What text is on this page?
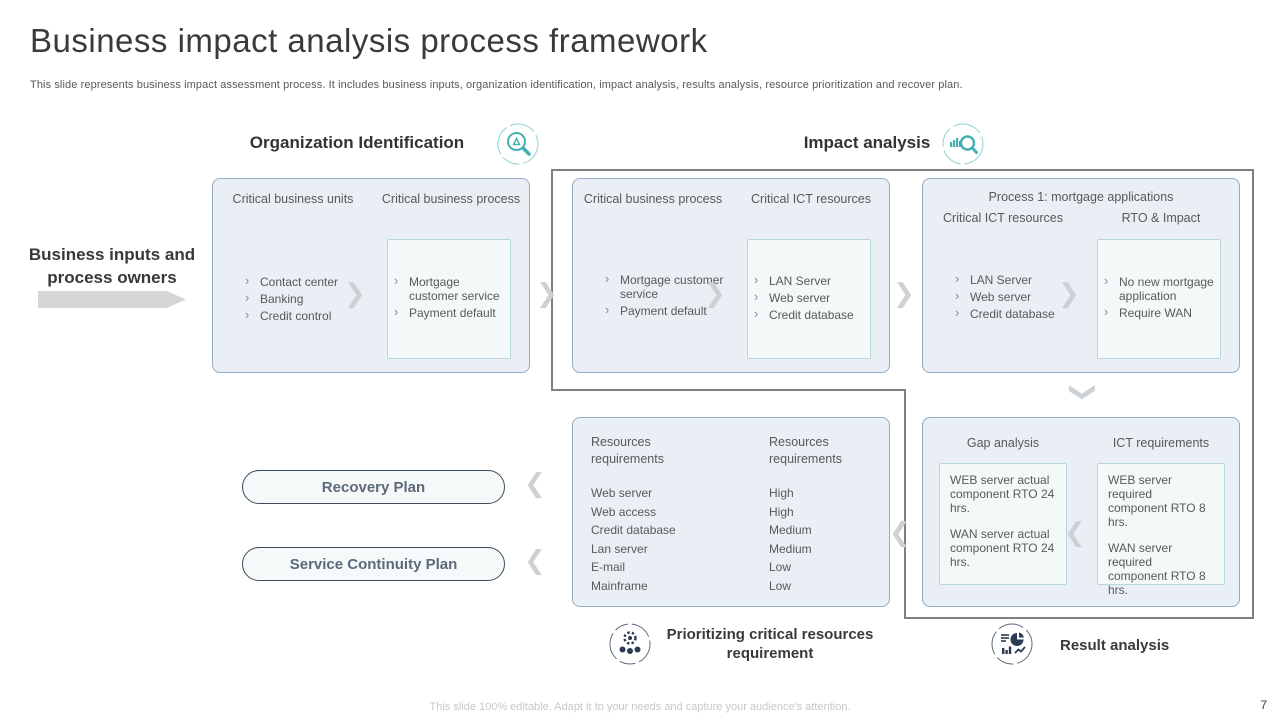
Business impact analysis process framework
This slide represents business impact assessment process. It includes business inputs, organization identification, impact analysis, results analysis, resource prioritization and recover plan.
Organization Identification	Impact analysis
Business inputs and process owners
Critical business units	Critical business process
› Contact center
› Banking
› Credit control
› Mortgage customer service
› Payment default
Critical business process	Critical ICT resources
› Mortgage customer service
› Payment default
› LAN Server
› Web server
› Credit database
Process 1: mortgage applications
Critical ICT resources	RTO & Impact
› LAN Server
› Web server
› Credit database
› No new mortgage application
› Require WAN
Resources requirements
Resources requirements
Web server	High
Web access	High
Credit database	Medium
Lan server	Medium
E-mail	Low
Mainframe	Low
Gap analysis	ICT requirements

WEB server actual component RTO 24 hrs.

WAN server actual component RTO 24 hrs.

WEB server required component RTO 8 hrs.

WAN server required component RTO 8 hrs.

❯	❯	❯	❯	❯
❯
❮
❮
❮
❮
Recovery Plan
Service Continuity Plan
Prioritizing critical resources requirement	Result analysis
This slide 100% editable. Adapt it to your needs and capture your audience's attention.	7
